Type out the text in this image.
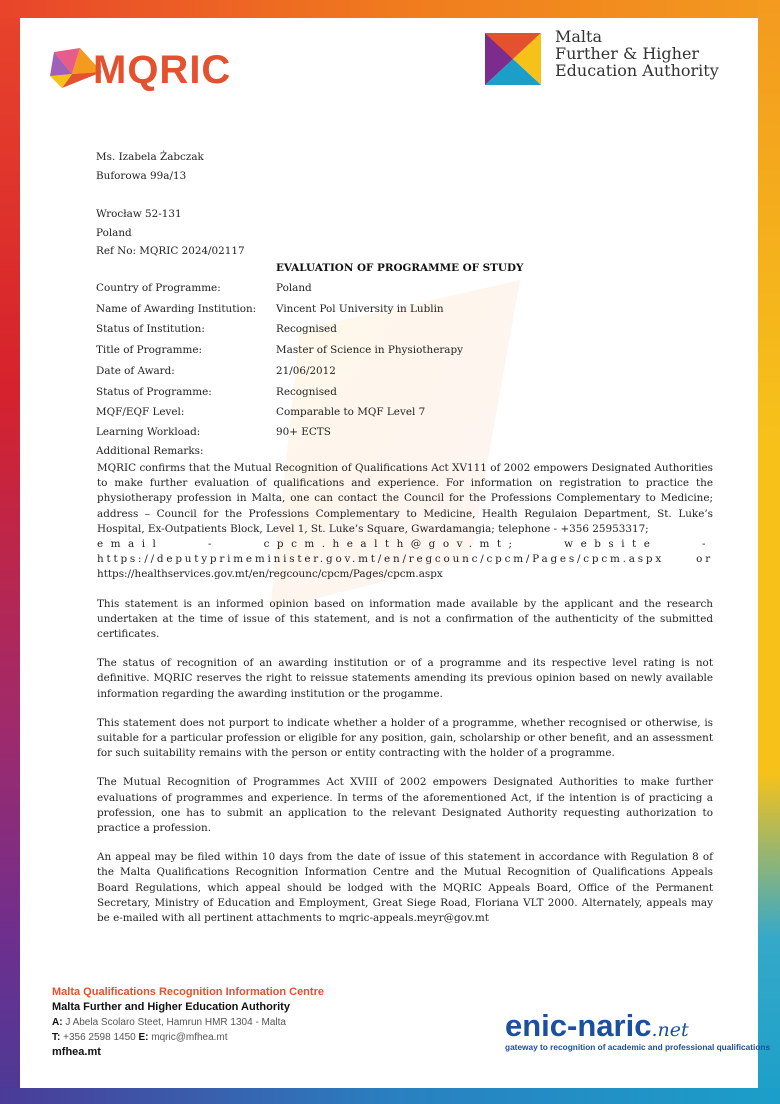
MQRIC
Malta
Further & Higher
Education Authority
Ms. Izabela Żabczak
Buforowa 99a/13
Wrocław 52-131
Poland
Ref No: MQRIC 2024/02117
EVALUATION OF PROGRAMME OF STUDY
Country of Programme:	Poland
Name of Awarding Institution: Vincent Pol University in Lublin
Status of Institution:	Recognised
Title of Programme:	Master of Science in Physiotherapy
Date of Award:	21/06/2012
Status of Programme:	Recognised
MQF/EQF Level:	Comparable to MQF Level 7
Learning Workload:	90+ ECTS
Additional Remarks:

MQRIC confirms that the Mutual Recognition of Qualifications Act XV111 of 2002 empowers Designated Authorities to make further evaluation of qualifications and experience. For information on registration to practice the physiotherapy profession in Malta, one can contact the Council for the Professions Complementary to Medicine; address – Council for the Professions Complementary to Medicine, Health Regulaion Department, St. Luke’s Hospital, Ex-Outpatients Block, Level 1, St. Luke’s Square, Gwardamangia; telephone - +356 25953317;
email - cpcm.health@gov.mt; website -
https://deputyprimeminister.gov.mt/en/regcounc/cpcm/Pages/cpcm.aspx or
https://healthservices.gov.mt/en/regcounc/cpcm/Pages/cpcm.aspx

This statement is an informed opinion based on information made available by the applicant and the research undertaken at the time of issue of this statement, and is not a confirmation of the authenticity of the submitted certificates.

The status of recognition of an awarding institution or of a programme and its respective level rating is not definitive. MQRIC reserves the right to reissue statements amending its previous opinion based on newly available information regarding the awarding institution or the progamme.

This statement does not purport to indicate whether a holder of a programme, whether recognised or otherwise, is suitable for a particular profession or eligible for any position, gain, scholarship or other benefit, and an assessment for such suitability remains with the person or entity contracting with the holder of a programme.

The Mutual Recognition of Programmes Act XVIII of 2002 empowers Designated Authorities to make further evaluations of programmes and experience. In terms of the aforementioned Act, if the intention is of practicing a profession, one has to submit an application to the relevant Designated Authority requesting authorization to practice a profession.

An appeal may be filed within 10 days from the date of issue of this statement in accordance with Regulation 8 of the Malta Qualifications Recognition Information Centre and the Mutual Recognition of Qualifications Appeals Board Regulations, which appeal should be lodged with the MQRIC Appeals Board, Office of the Permanent Secretary, Ministry of Education and Employment, Great Siege Road, Floriana VLT 2000. Alternately, appeals may be e-mailed with all pertinent attachments to mqric-appeals.meyr@gov.mt

Malta Qualifications Recognition Information Centre
Malta Further and Higher Education Authority
A: J Abela Scolaro Steet, Hamrun HMR 1304 - Malta
T: +356 2598 1450 E: mqric@mfhea.mt
mfhea.mt
enic-naric.net
gateway to recognition of academic and professional qualifications
